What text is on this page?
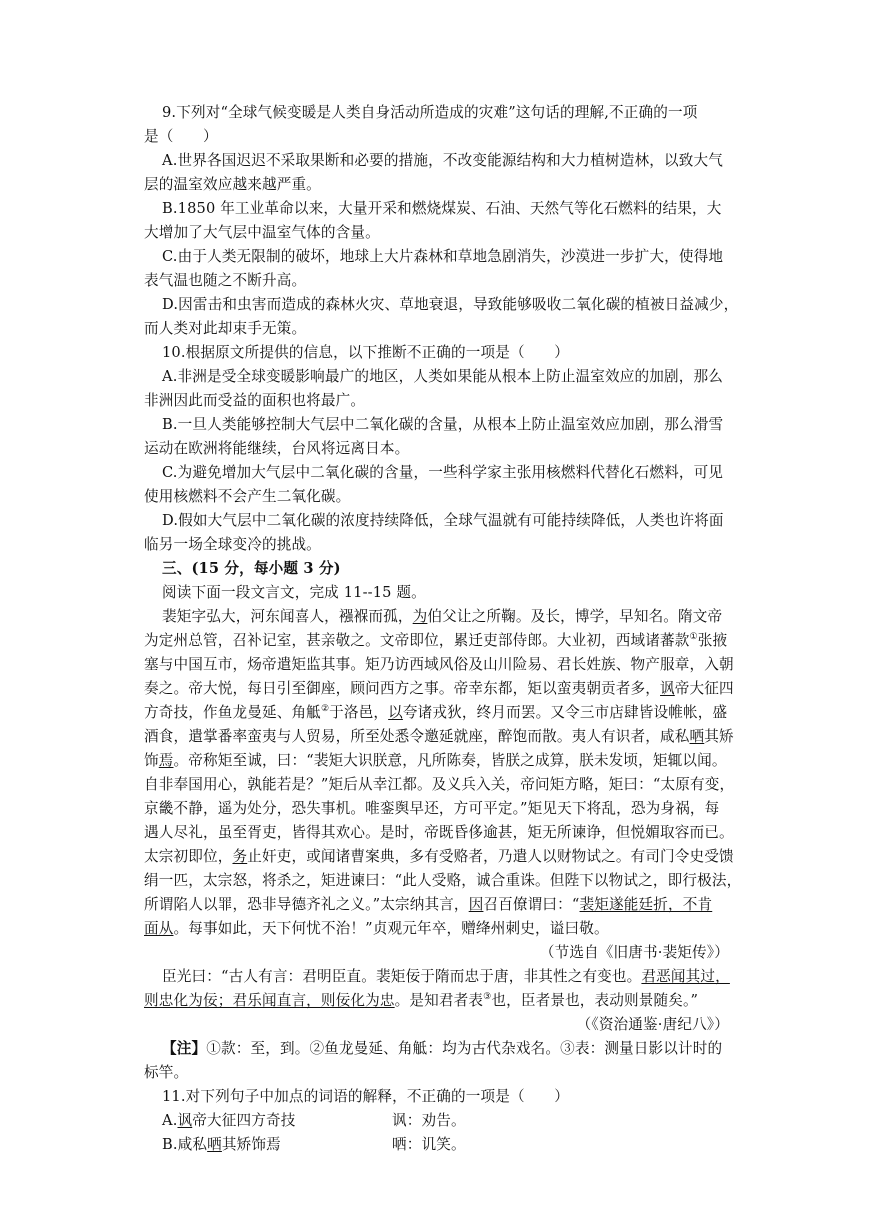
9.下列对“全球气候变暖是人类自身活动所造成的灾难”这句话的理解,不正确的一项
是（　　）
A.世界各国迟迟不采取果断和必要的措施，不改变能源结构和大力植树造林，以致大气
层的温室效应越来越严重。
B.1850 年工业革命以来，大量开采和燃烧煤炭、石油、天然气等化石燃料的结果，大
大增加了大气层中温室气体的含量。
C.由于人类无限制的破坏，地球上大片森林和草地急剧消失，沙漠进一步扩大，使得地
表气温也随之不断升高。
D.因雷击和虫害而造成的森林火灾、草地衰退，导致能够吸收二氧化碳的植被日益减少，
而人类对此却束手无策。
10.根据原文所提供的信息，以下推断不正确的一项是（　　）
A.非洲是受全球变暖影响最广的地区，人类如果能从根本上防止温室效应的加剧，那么
非洲因此而受益的面积也将最广。
B.一旦人类能够控制大气层中二氧化碳的含量，从根本上防止温室效应加剧，那么滑雪
运动在欧洲将能继续，台风将远离日本。
C.为避免增加大气层中二氧化碳的含量，一些科学家主张用核燃料代替化石燃料，可见
使用核燃料不会产生二氧化碳。
D.假如大气层中二氧化碳的浓度持续降低，全球气温就有可能持续降低，人类也许将面
临另一场全球变冷的挑战。
三、(15 分，每小题 3 分)
阅读下面一段文言文，完成 11--15 题。
裴矩字弘大，河东闻喜人，襁褓而孤，为伯父让之所鞠。及长，博学，早知名。隋文帝
为定州总管，召补记室，甚亲敬之。文帝即位，累迁吏部侍郎。大业初，西域诸蕃款①张掖
塞与中国互市，炀帝遣矩监其事。矩乃访西域风俗及山川险易、君长姓族、物产服章，入朝
奏之。帝大悦，每日引至御座，顾问西方之事。帝幸东都，矩以蛮夷朝贡者多，讽帝大征四
方奇技，作鱼龙曼延、角觝②于洛邑，以夸诸戎狄，终月而罢。又令三市店肆皆设帷帐，盛
酒食，遣掌番率蛮夷与人贸易，所至处悉令邀延就座，醉饱而散。夷人有识者，咸私哂其矫
饰焉。帝称矩至诚，曰：“裴矩大识朕意，凡所陈奏，皆朕之成算，朕未发顷，矩辄以闻。
自非奉国用心，孰能若是？”矩后从幸江都。及义兵入关，帝问矩方略，矩曰：“太原有变，
京畿不静，遥为处分，恐失事机。唯銮舆早还，方可平定。”矩见天下将乱，恐为身祸，每
遇人尽礼，虽至胥吏，皆得其欢心。是时，帝既昏侈逾甚，矩无所谏诤，但悦媚取容而已。
太宗初即位，务止奸吏，或闻诸曹案典，多有受赂者，乃遣人以财物试之。有司门令史受馈
绢一匹，太宗怒，将杀之，矩进谏曰：“此人受赂，诚合重诛。但陛下以物试之，即行极法，
所谓陷人以罪，恐非导德齐礼之义。”太宗纳其言，因召百僚谓曰：“裴矩遂能廷折，不肯
面从。每事如此，天下何忧不治！”贞观元年卒，赠绛州刺史，谥曰敬。
（节选自《旧唐书·裴矩传》）
臣光曰：“古人有言：君明臣直。裴矩佞于隋而忠于唐，非其性之有变也。君恶闻其过，
则忠化为佞；君乐闻直言，则佞化为忠。是知君者表③也，臣者景也，表动则景随矣。”
（《资治通鉴·唐纪八》）
【注】①款：至，到。②鱼龙曼延、角觝：均为古代杂戏名。③表：测量日影以计时的
标竿。
11.对下列句子中加点的词语的解释，不正确的一项是（　　）
A.讽帝大征四方奇技	讽：劝告。
B.咸私哂其矫饰焉	哂：讥笑。
